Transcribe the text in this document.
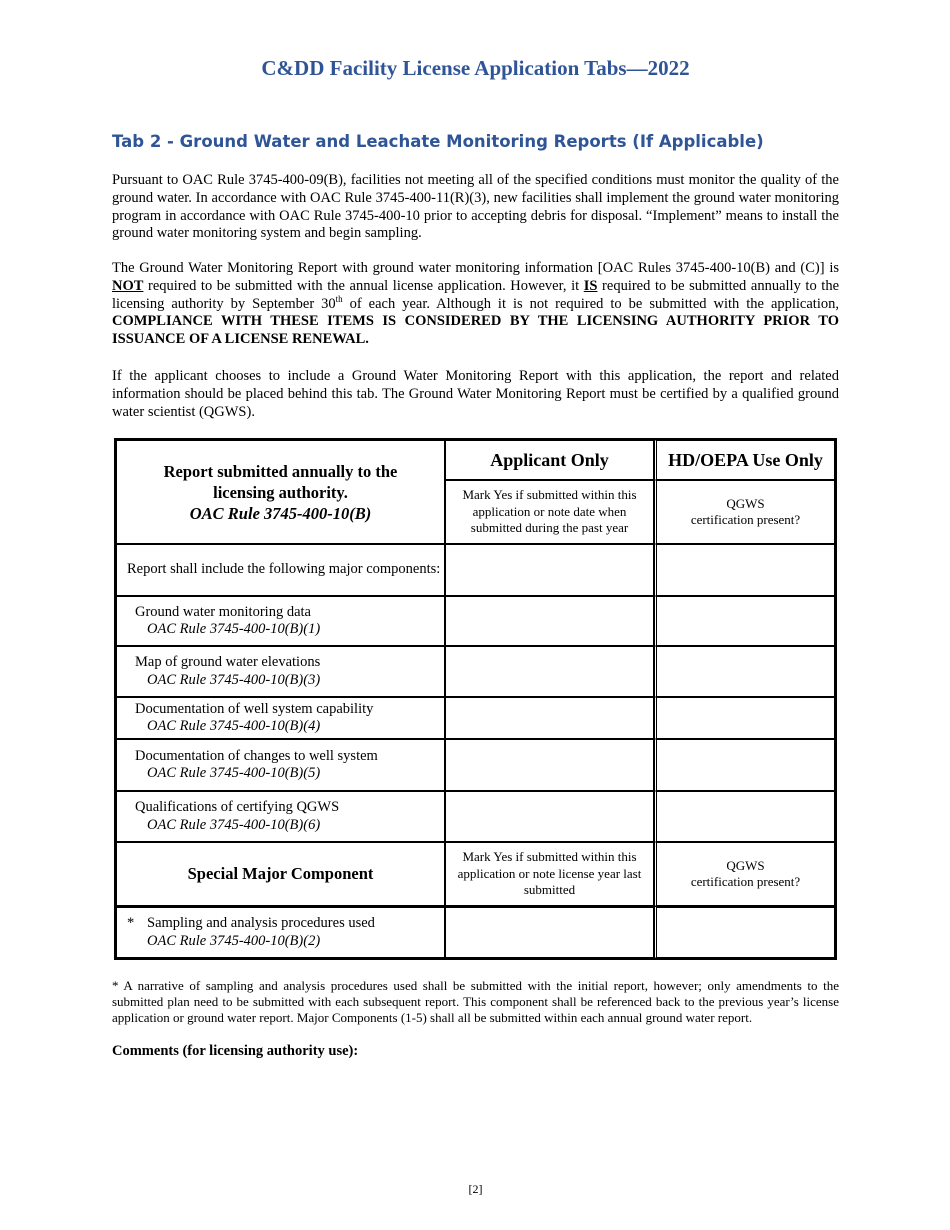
C&DD Facility License Application Tabs—2022
Tab 2 - Ground Water and Leachate Monitoring Reports (If Applicable)

Pursuant to OAC Rule 3745-400-09(B), facilities not meeting all of the specified conditions must monitor the quality of the ground water. In accordance with OAC Rule 3745-400-11(R)(3), new facilities shall implement the ground water monitoring program in accordance with OAC Rule 3745-400-10 prior to accepting debris for disposal. “Implement” means to install the ground water monitoring system and begin sampling.

The Ground Water Monitoring Report with ground water monitoring information [OAC Rules 3745-400-10(B) and (C)] is NOT required to be submitted with the annual license application. However, it IS required to be submitted annually to the licensing authority by September 30th of each year. Although it is not required to be submitted with the application, COMPLIANCE WITH THESE ITEMS IS CONSIDERED BY THE LICENSING AUTHORITY PRIOR TO ISSUANCE OF A LICENSE RENEWAL.

If the applicant chooses to include a Ground Water Monitoring Report with this application, the report and related information should be placed behind this tab. The Ground Water Monitoring Report must be certified by a qualified ground water scientist (QGWS).

Report submitted annually to the
licensing authority.
OAC Rule 3745-400-10(B)	Applicant Only	HD/OEPA Use Only
	Mark Yes if submitted within this application or note date when submitted during the past year	QGWS
certification present?

Report shall include the following major components:		

Ground water monitoring data
OAC Rule 3745-400-10(B)(1)		

Map of ground water elevations
OAC Rule 3745-400-10(B)(3)		

Documentation of well system capability
OAC Rule 3745-400-10(B)(4)		

Documentation of changes to well system
OAC Rule 3745-400-10(B)(5)		

Qualifications of certifying QGWS
OAC Rule 3745-400-10(B)(6)		

Special Major Component	Mark Yes if submitted within this application or note license year last submitted	QGWS
certification present?

* Sampling and analysis procedures used
OAC Rule 3745-400-10(B)(2)		

* A narrative of sampling and analysis procedures used shall be submitted with the initial report, however; only amendments to the submitted plan need to be submitted with each subsequent report. This component shall be referenced back to the previous year’s license application or ground water report. Major Components (1-5) shall all be submitted within each annual ground water report.

Comments (for licensing authority use):

[2]
